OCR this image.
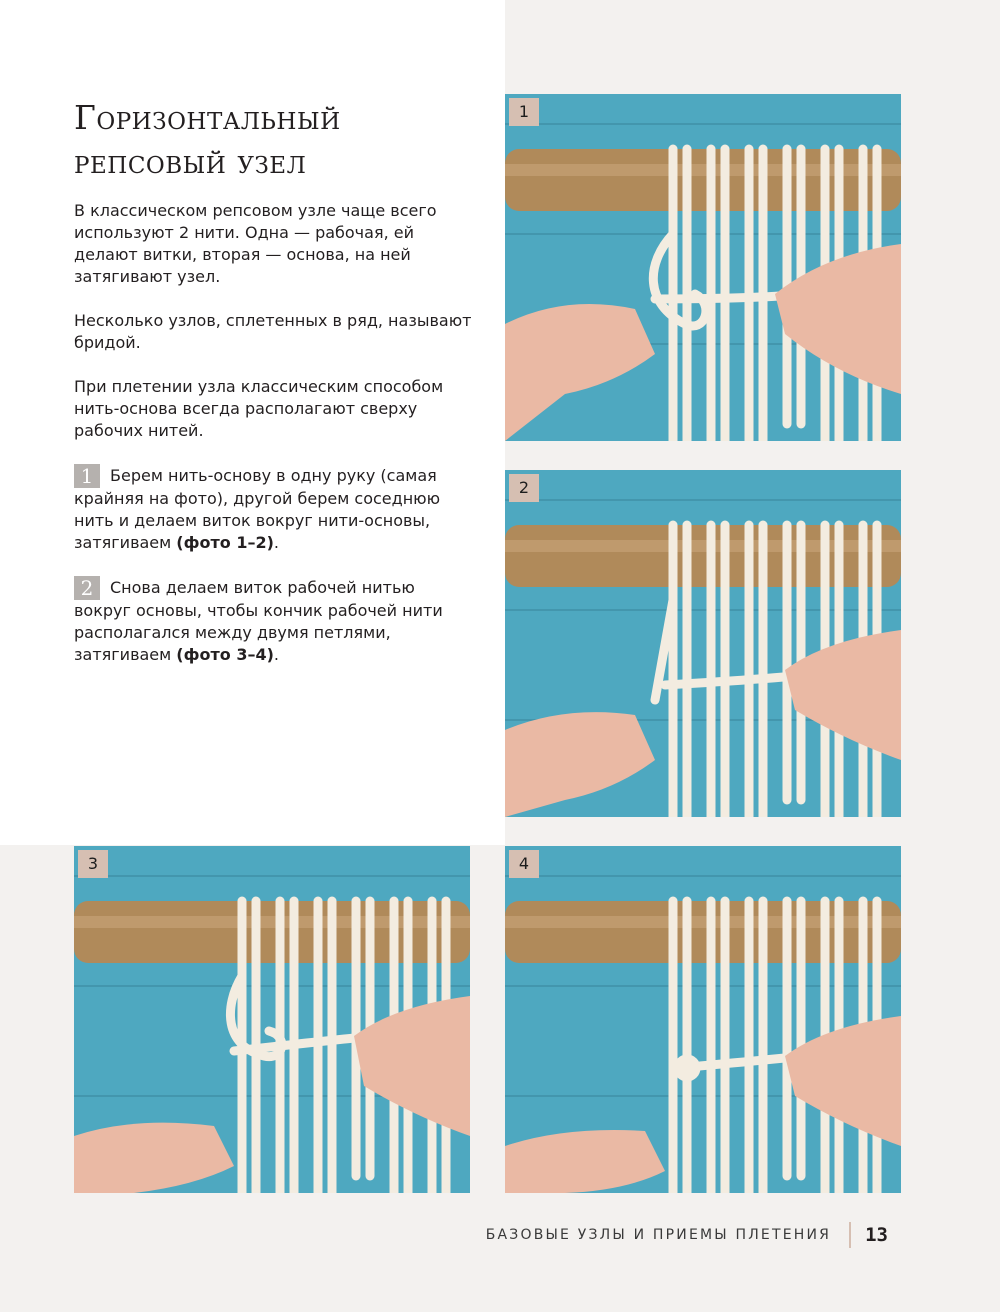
Горизонтальный
репсовый узел

В классическом репсовом узле чаще всего используют 2 нити. Одна — рабочая, ей делают витки, вторая — основа, на ней затягивают узел.

Несколько узлов, сплетенных в ряд, называют бридой.

При плетении узла классическим способом нить-основа всегда располагают сверху рабочих нитей.

1 Берем нить-основу в одну руку (самая крайняя на фото), другой берем соседнюю нить и делаем виток вокруг нити-основы, затягиваем (фото 1–2).
2 Снова делаем виток рабочей нитью вокруг основы, чтобы кончик рабочей нити располагался между двумя петлями, затягиваем (фото 3–4).
1
2
3	4
БАЗОВЫЕ УЗЛЫ И ПРИЕМЫ ПЛЕТЕНИЯ 13
